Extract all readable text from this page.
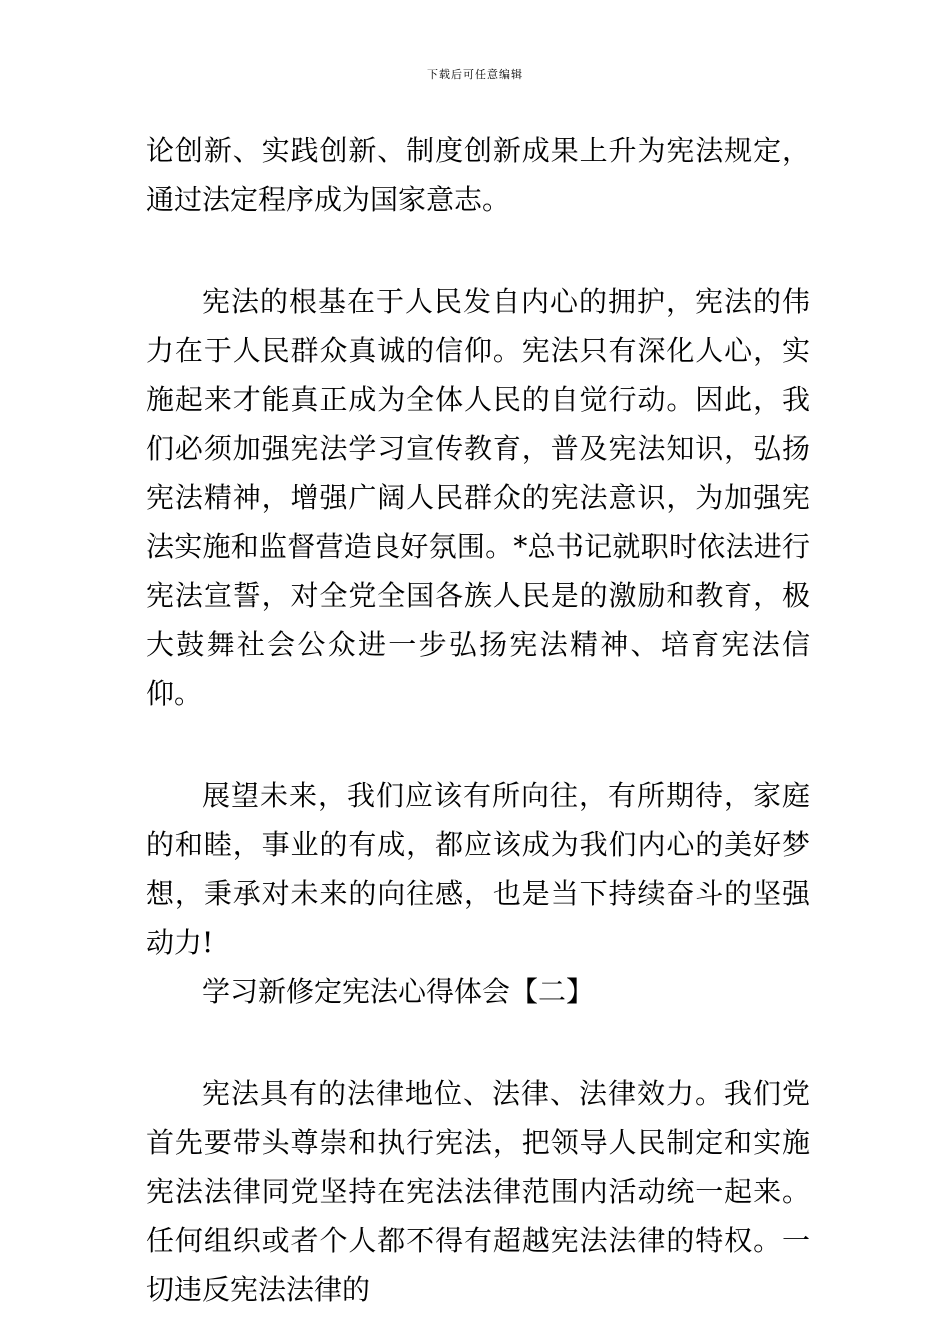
下载后可任意编辑

论创新、实践创新、制度创新成果上升为宪法规定，通过法定程序成为国家意志。

宪法的根基在于人民发自内心的拥护，宪法的伟力在于人民群众真诚的信仰。宪法只有深化人心，实施起来才能真正成为全体人民的自觉行动。因此，我们必须加强宪法学习宣传教育，普及宪法知识，弘扬宪法精神，增强广阔人民群众的宪法意识，为加强宪法实施和监督营造良好氛围。*总书记就职时依法进行宪法宣誓，对全党全国各族人民是的激励和教育，极大鼓舞社会公众进一步弘扬宪法精神、培育宪法信仰。

展望未来，我们应该有所向往，有所期待，家庭的和睦，事业的有成，都应该成为我们内心的美好梦想，秉承对未来的向往感，也是当下持续奋斗的坚强动力!

学习新修定宪法心得体会【二】

宪法具有的法律地位、法律、法律效力。我们党首先要带头尊崇和执行宪法，把领导人民制定和实施宪法法律同党坚持在宪法法律范围内活动统一起来。任何组织或者个人都不得有超越宪法法律的特权。一切违反宪法法律的
